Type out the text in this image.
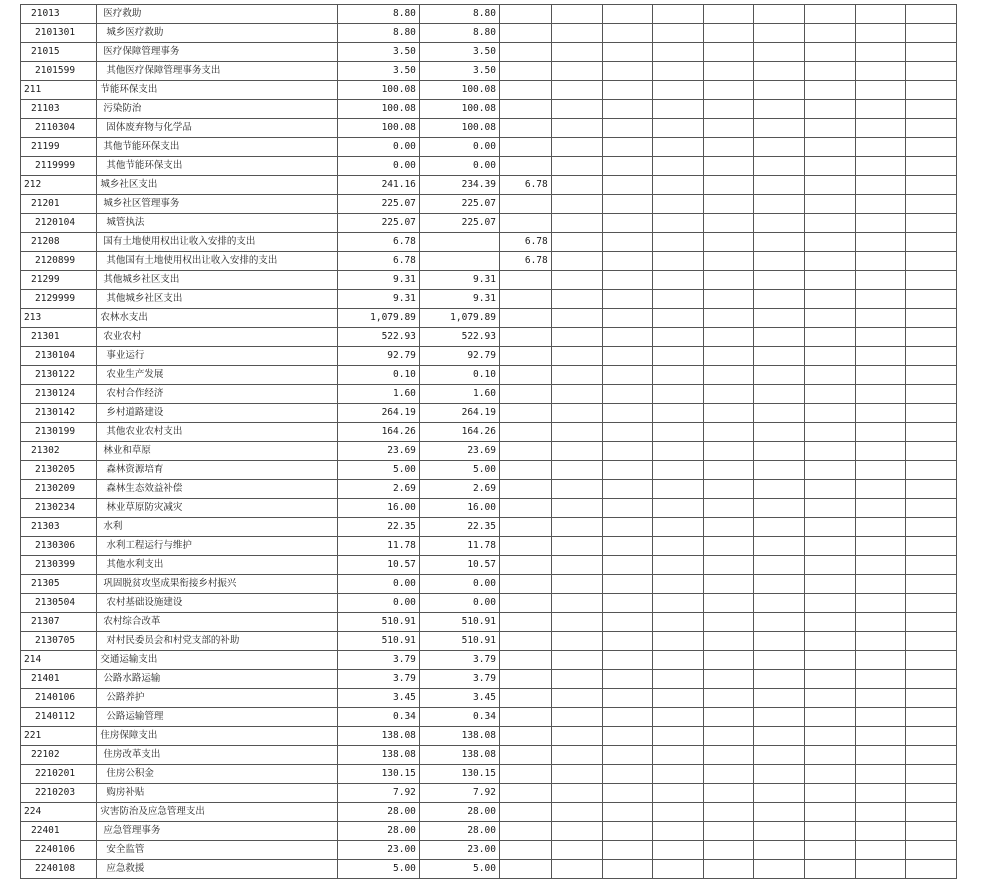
21013	医疗救助	8.80	8.80									
2101301	城乡医疗救助	8.80	8.80									
21015	医疗保障管理事务	3.50	3.50									
2101599	其他医疗保障管理事务支出	3.50	3.50									
211	节能环保支出	100.08	100.08									
21103	污染防治	100.08	100.08									
2110304	固体废弃物与化学品	100.08	100.08									
21199	其他节能环保支出	0.00	0.00									
2119999	其他节能环保支出	0.00	0.00									
212	城乡社区支出	241.16	234.39	6.78								
21201	城乡社区管理事务	225.07	225.07									
2120104	城管执法	225.07	225.07									
21208	国有土地使用权出让收入安排的支出	6.78		6.78								
2120899	其他国有土地使用权出让收入安排的支出	6.78		6.78								
21299	其他城乡社区支出	9.31	9.31									
2129999	其他城乡社区支出	9.31	9.31									
213	农林水支出	1,079.89	1,079.89									
21301	农业农村	522.93	522.93									
2130104	事业运行	92.79	92.79									
2130122	农业生产发展	0.10	0.10									
2130124	农村合作经济	1.60	1.60									
2130142	乡村道路建设	264.19	264.19									
2130199	其他农业农村支出	164.26	164.26									
21302	林业和草原	23.69	23.69									
2130205	森林资源培育	5.00	5.00									
2130209	森林生态效益补偿	2.69	2.69									
2130234	林业草原防灾减灾	16.00	16.00									
21303	水利	22.35	22.35									
2130306	水利工程运行与维护	11.78	11.78									
2130399	其他水利支出	10.57	10.57									
21305	巩固脱贫攻坚成果衔接乡村振兴	0.00	0.00									
2130504	农村基础设施建设	0.00	0.00									
21307	农村综合改革	510.91	510.91									
2130705	对村民委员会和村党支部的补助	510.91	510.91									
214	交通运输支出	3.79	3.79									
21401	公路水路运输	3.79	3.79									
2140106	公路养护	3.45	3.45									
2140112	公路运输管理	0.34	0.34									
221	住房保障支出	138.08	138.08									
22102	住房改革支出	138.08	138.08									
2210201	住房公积金	130.15	130.15									
2210203	购房补贴	7.92	7.92									
224	灾害防治及应急管理支出	28.00	28.00									
22401	应急管理事务	28.00	28.00									
2240106	安全监管	23.00	23.00									
2240108	应急救援	5.00	5.00									
